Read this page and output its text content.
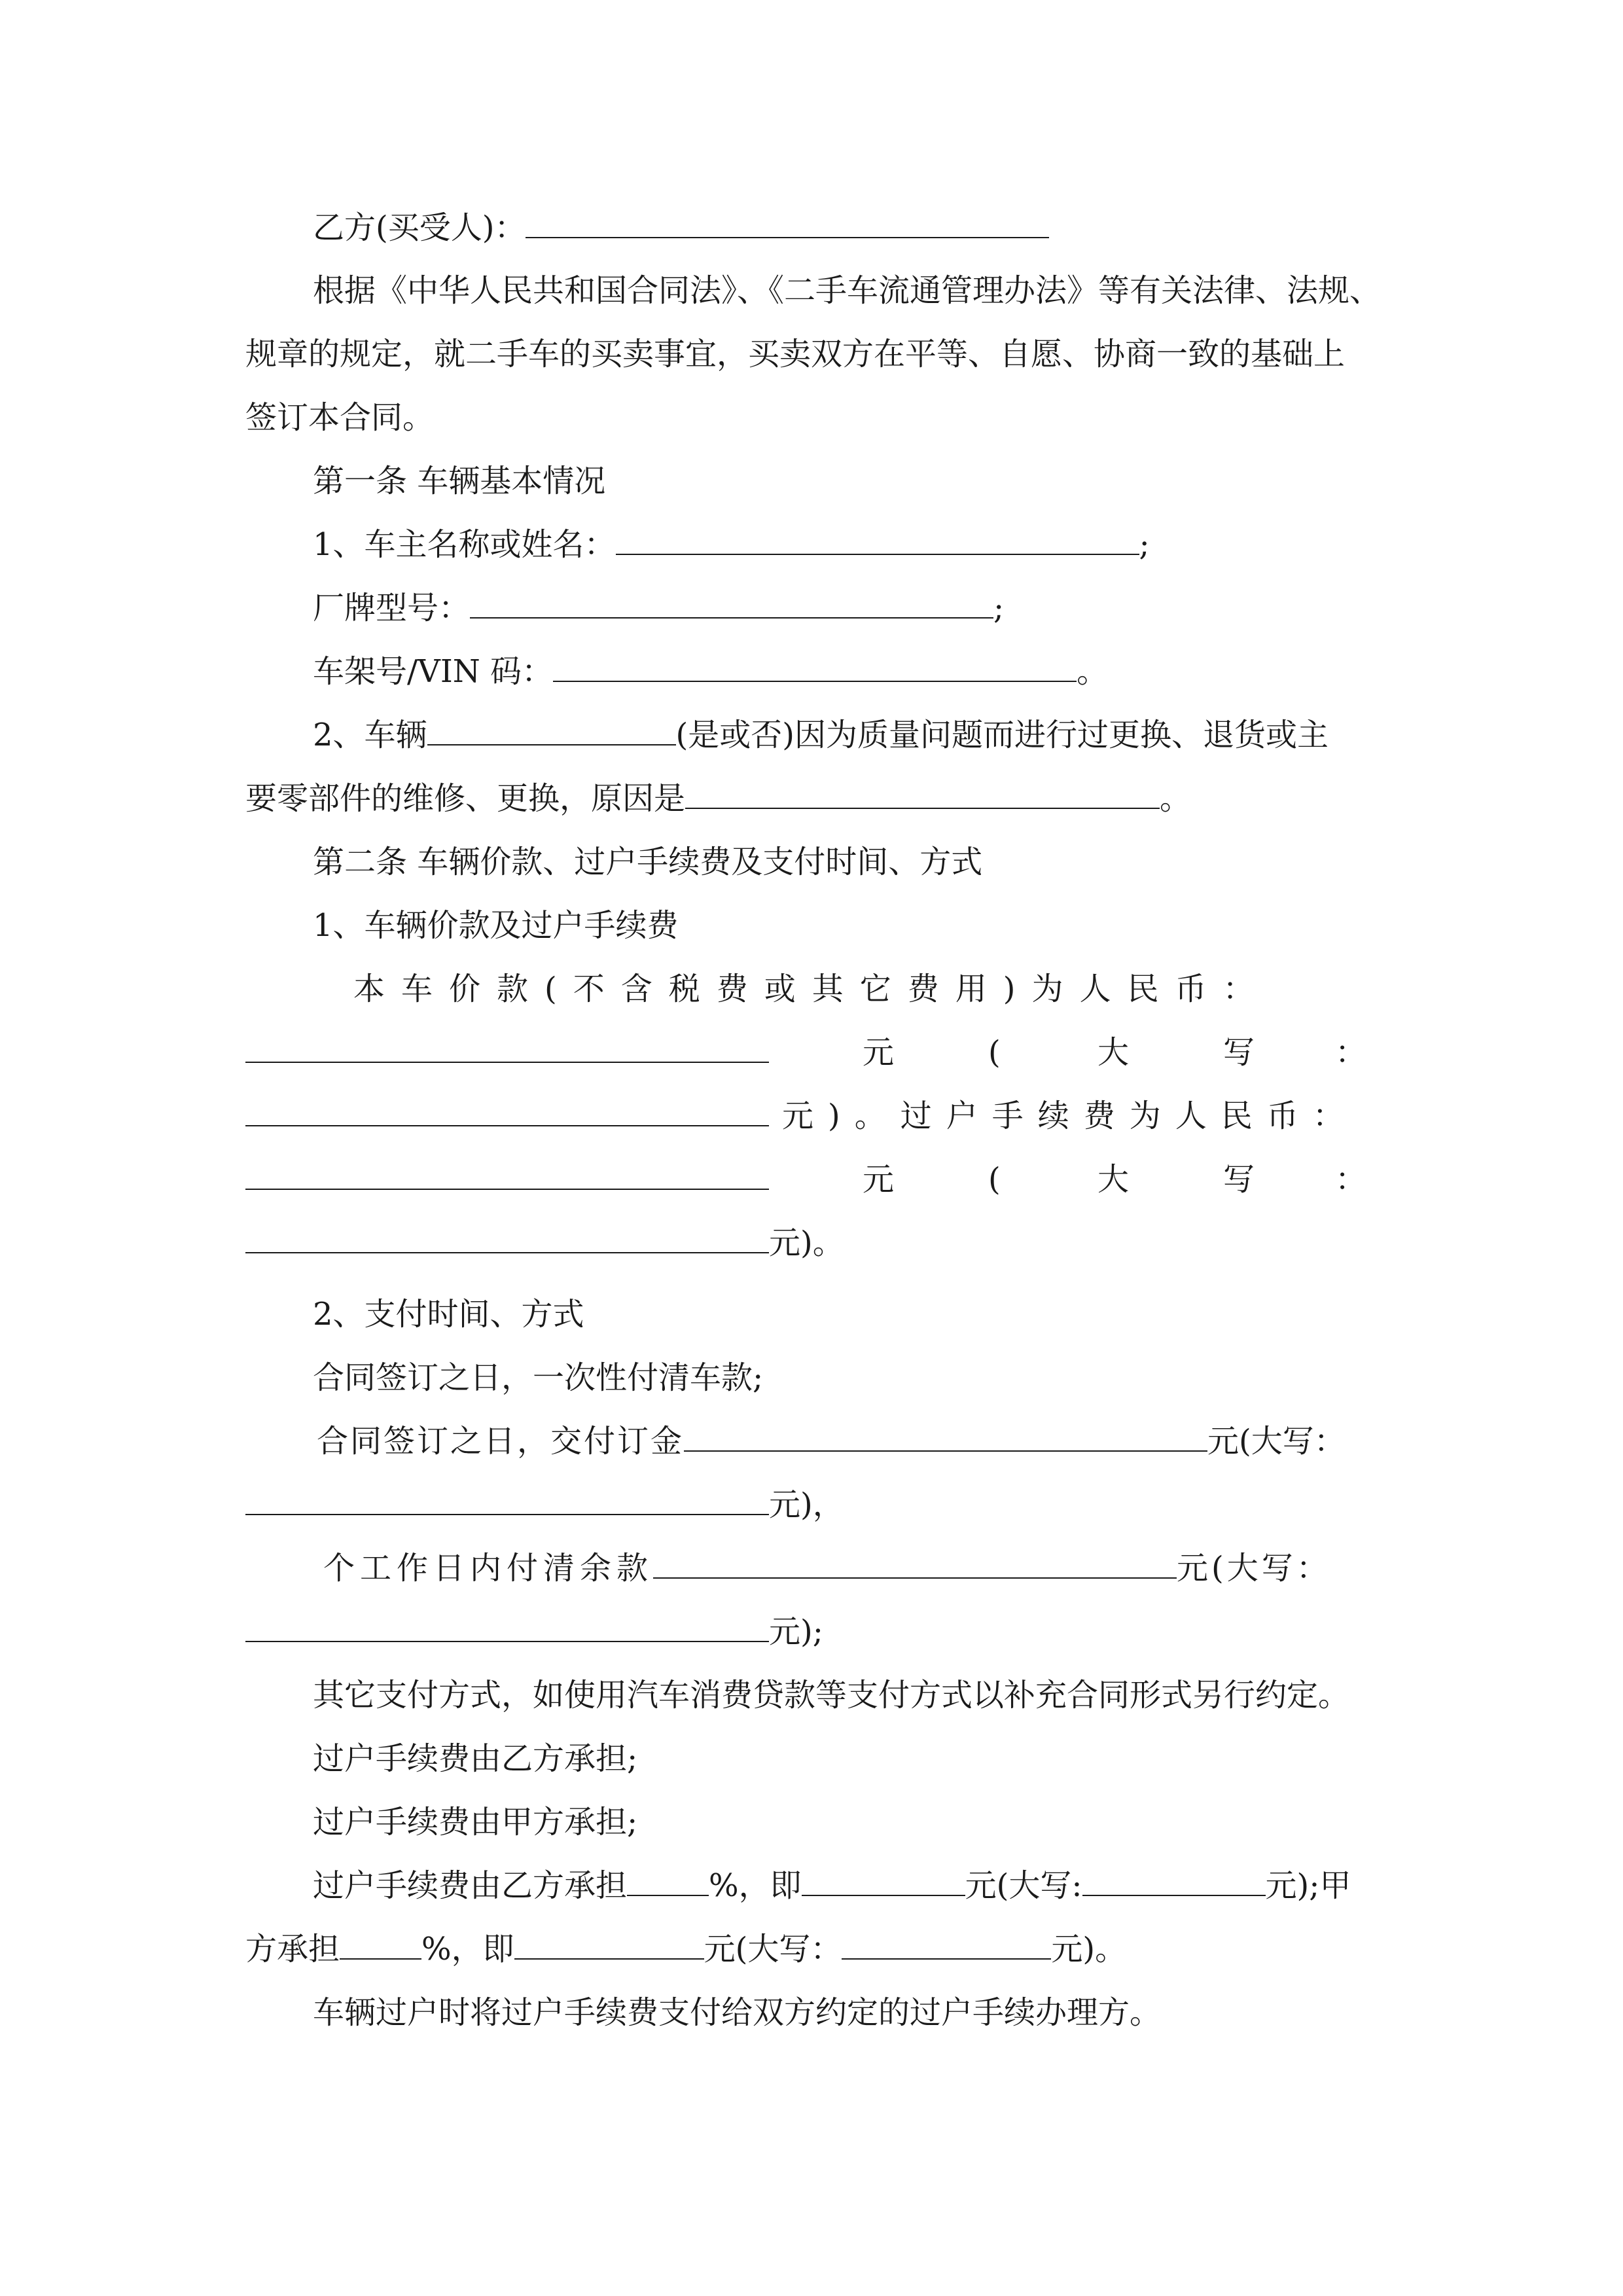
乙方(买受人)：
根据《中华人民共和国合同法》、《二手车流通管理办法》等有关法律、法规、
规章的规定，就二手车的买卖事宜，买卖双方在平等、自愿、协商一致的基础上
签订本合同。
第一条 车辆基本情况
1、车主名称或姓名：	;
厂牌型号：	;
车架号/VIN 码：	。
2、车辆	(是或否)因为质量问题而进行过更换、退货或主
要零部件的维修、更换，原因是	。
第二条 车辆价款、过户手续费及支付时间、方式
1、车辆价款及过户手续费
本车价款(不含税费或其它费用)为人民币：
元	(	大	写	：
元)。过户手续费为人民币：
元	(	大	写	：
元)。
2、支付时间、方式
合同签订之日，一次性付清车款;
合同签订之日，交付订金	元(大写：
元)，
个工作日内付清余款	元(大写：
元);
其它支付方式，如使用汽车消费贷款等支付方式以补充合同形式另行约定。
过户手续费由乙方承担;
过户手续费由甲方承担;
过户手续费由乙方承担	%，即	元(大写:	元);甲
方承担	%，即	元(大写：	元)。
车辆过户时将过户手续费支付给双方约定的过户手续办理方。
